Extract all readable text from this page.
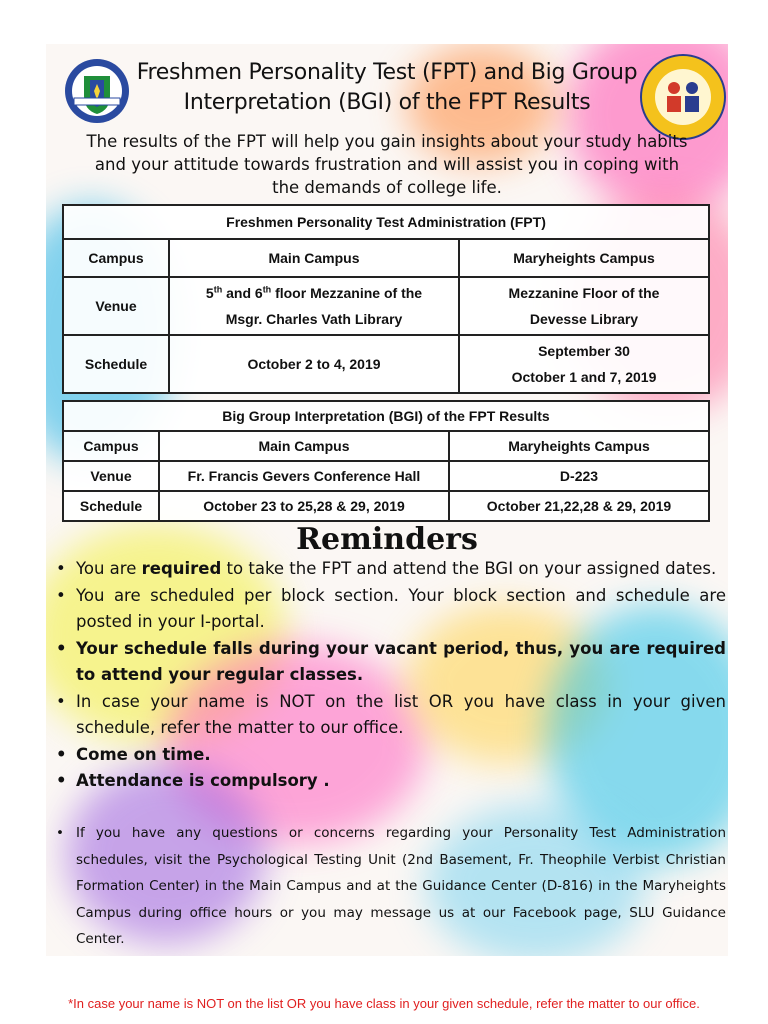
Freshmen Personality Test (FPT) and Big Group
Interpretation (BGI) of the FPT Results
The results of the FPT will help you gain insights about your study habits
and your attitude towards frustration and will assist you in coping with
the demands of college life.
Freshmen Personality Test Administration (FPT)		
Campus	Main Campus	Maryheights Campus
Venue	5th and 6th floor Mezzanine of the
Msgr. Charles Vath Library	Mezzanine Floor of the Devesse Library
Schedule	October 2 to 4, 2019	September 30
October 1 and 7, 2019
Big Group Interpretation (BGI) of the FPT Results		
Campus	Main Campus	Maryheights Campus
Venue	Fr. Francis Gevers Conference Hall	D-223
Schedule	October 23 to 25,28 & 29, 2019	October 21,22,28 & 29, 2019
Reminders
• You are required to take the FPT and attend the BGI on your assigned dates.
• You are scheduled per block section. Your block section and schedule are posted in your I-portal.
• Your schedule falls during your vacant period, thus, you are required to attend your regular classes.
• In case your name is NOT on the list OR you have class in your given schedule, refer the matter to our office.
• Come on time.
• Attendance is compulsory .
• If you have any questions or concerns regarding your Personality Test Administration schedules, visit the Psychological Testing Unit (2nd Basement, Fr. Theophile Verbist Christian Formation Center) in the Main Campus and at the Guidance Center (D-816) in the Maryheights Campus during office hours or you may message us at our Facebook page, SLU Guidance Center.
*In case your name is NOT on the list OR you have class in your given schedule, refer the matter to our office.
